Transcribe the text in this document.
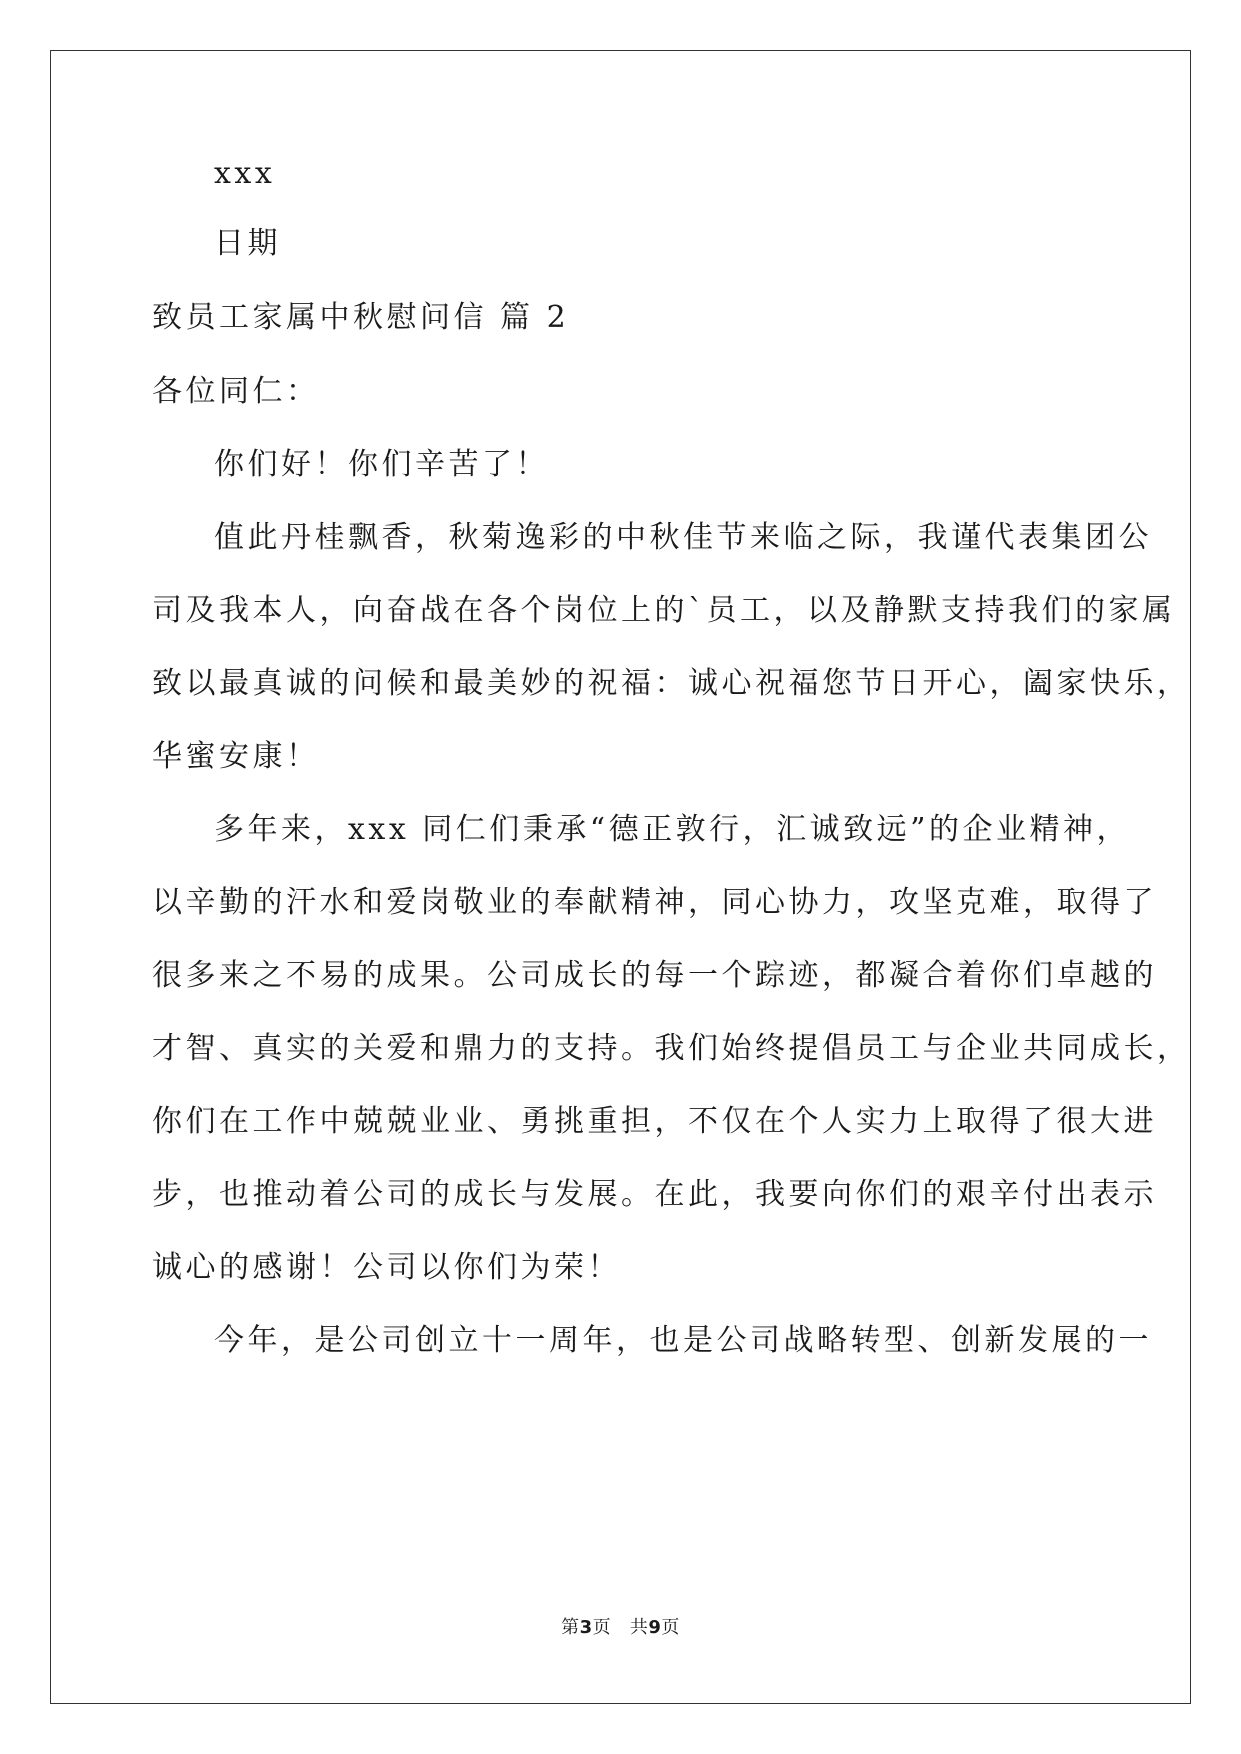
xxx
日期
致员工家属中秋慰问信 篇 2
各位同仁：
你们好！你们辛苦了！
值此丹桂飘香，秋菊逸彩的中秋佳节来临之际，我谨代表集团公
司及我本人，向奋战在各个岗位上的`员工，以及静默支持我们的家属
致以最真诚的问候和最美妙的祝福：诚心祝福您节日开心，阖家快乐，
华蜜安康！
多年来，xxx 同仁们秉承“德正敦行，汇诚致远”的企业精神，
以辛勤的汗水和爱岗敬业的奉献精神，同心协力，攻坚克难，取得了
很多来之不易的成果。公司成长的每一个踪迹，都凝合着你们卓越的
才智、真实的关爱和鼎力的支持。我们始终提倡员工与企业共同成长，
你们在工作中兢兢业业、勇挑重担，不仅在个人实力上取得了很大进
步，也推动着公司的成长与发展。在此，我要向你们的艰辛付出表示
诚心的感谢！公司以你们为荣！
今年，是公司创立十一周年，也是公司战略转型、创新发展的一
第3页 共9页
